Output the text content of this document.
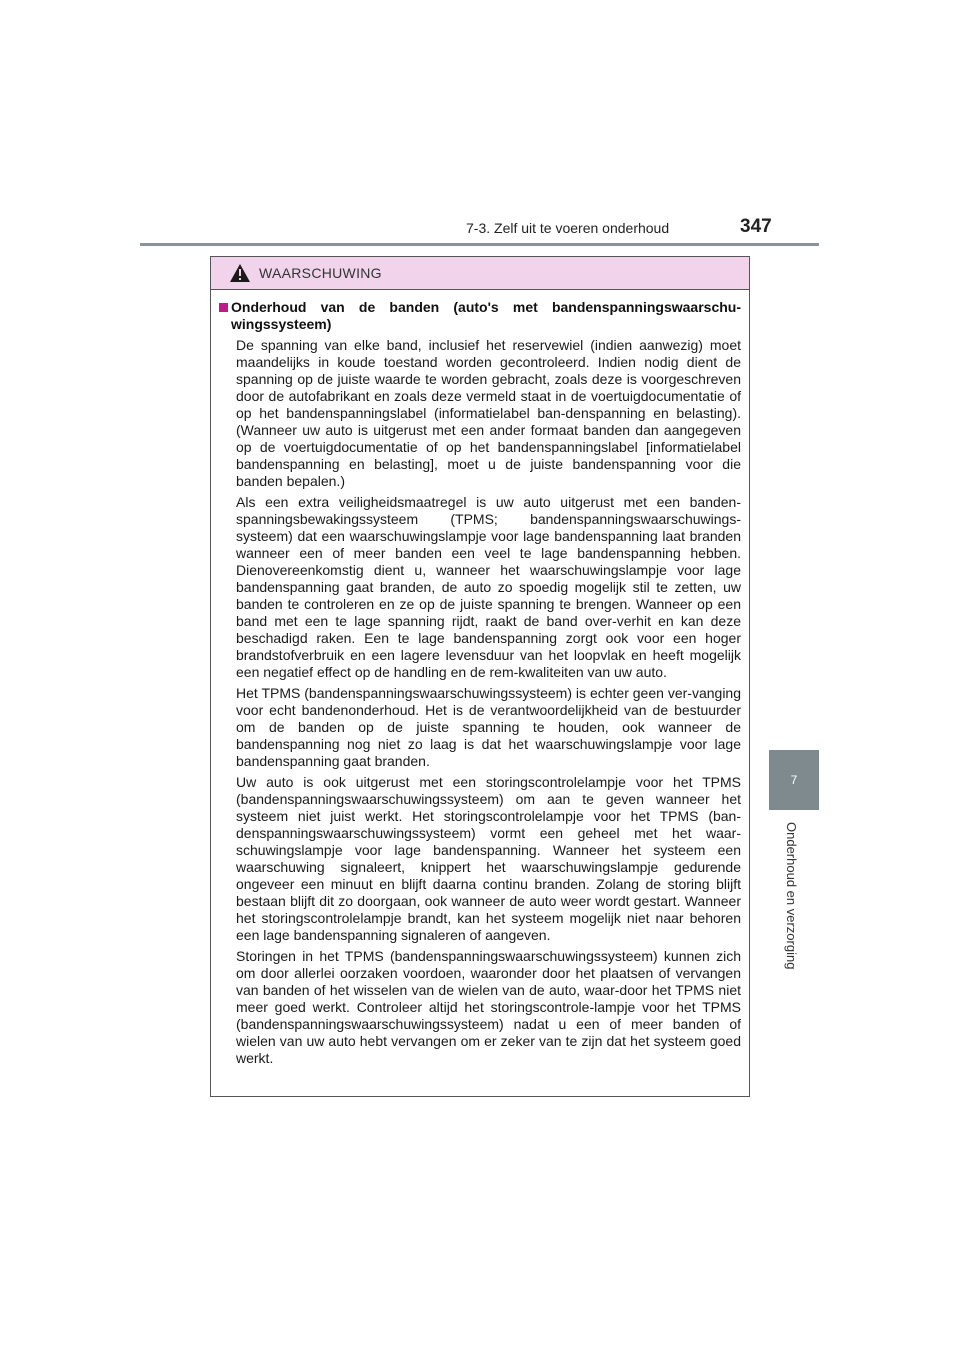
7-3. Zelf uit te voeren onderhoud	347
7
Onderhoud en verzorging
WAARSCHUWING
Onderhoud van de banden (auto's met bandenspanningswaarschu-wingssysteem)

De spanning van elke band, inclusief het reservewiel (indien aanwezig) moet maandelijks in koude toestand worden gecontroleerd. Indien nodig dient de spanning op de juiste waarde te worden gebracht, zoals deze is voorgeschreven door de autofabrikant en zoals deze vermeld staat in de voertuigdocumentatie of op het bandenspanningslabel (informatielabel ban-denspanning en belasting). (Wanneer uw auto is uitgerust met een ander formaat banden dan aangegeven op de voertuigdocumentatie of op het bandenspanningslabel [informatielabel bandenspanning en belasting], moet u de juiste bandenspanning voor die banden bepalen.)

Als een extra veiligheidsmaatregel is uw auto uitgerust met een banden-spanningsbewakingssysteem (TPMS; bandenspanningswaarschuwings-systeem) dat een waarschuwingslampje voor lage bandenspanning laat branden wanneer een of meer banden een veel te lage bandenspanning hebben. Dienovereenkomstig dient u, wanneer het waarschuwingslampje voor lage bandenspanning gaat branden, de auto zo spoedig mogelijk stil te zetten, uw banden te controleren en ze op de juiste spanning te brengen. Wanneer op een band met een te lage spanning rijdt, raakt de band over-verhit en kan deze beschadigd raken. Een te lage bandenspanning zorgt ook voor een hoger brandstofverbruik en een lagere levensduur van het loopvlak en heeft mogelijk een negatief effect op de handling en de rem-kwaliteiten van uw auto.

Het TPMS (bandenspanningswaarschuwingssysteem) is echter geen ver-vanging voor echt bandenonderhoud. Het is de verantwoordelijkheid van de bestuurder om de banden op de juiste spanning te houden, ook wanneer de bandenspanning nog niet zo laag is dat het waarschuwingslampje voor lage bandenspanning gaat branden.

Uw auto is ook uitgerust met een storingscontrolelampje voor het TPMS (bandenspanningswaarschuwingssysteem) om aan te geven wanneer het systeem niet juist werkt. Het storingscontrolelampje voor het TPMS (ban-denspanningswaarschuwingssysteem) vormt een geheel met het waar-schuwingslampje voor lage bandenspanning. Wanneer het systeem een waarschuwing signaleert, knippert het waarschuwingslampje gedurende ongeveer een minuut en blijft daarna continu branden. Zolang de storing blijft bestaan blijft dit zo doorgaan, ook wanneer de auto weer wordt gestart. Wanneer het storingscontrolelampje brandt, kan het systeem mogelijk niet naar behoren een lage bandenspanning signaleren of aangeven.

Storingen in het TPMS (bandenspanningswaarschuwingssysteem) kunnen zich om door allerlei oorzaken voordoen, waaronder door het plaatsen of vervangen van banden of het wisselen van de wielen van de auto, waar-door het TPMS niet meer goed werkt. Controleer altijd het storingscontrole-lampje voor het TPMS (bandenspanningswaarschuwingssysteem) nadat u een of meer banden of wielen van uw auto hebt vervangen om er zeker van te zijn dat het systeem goed werkt.
